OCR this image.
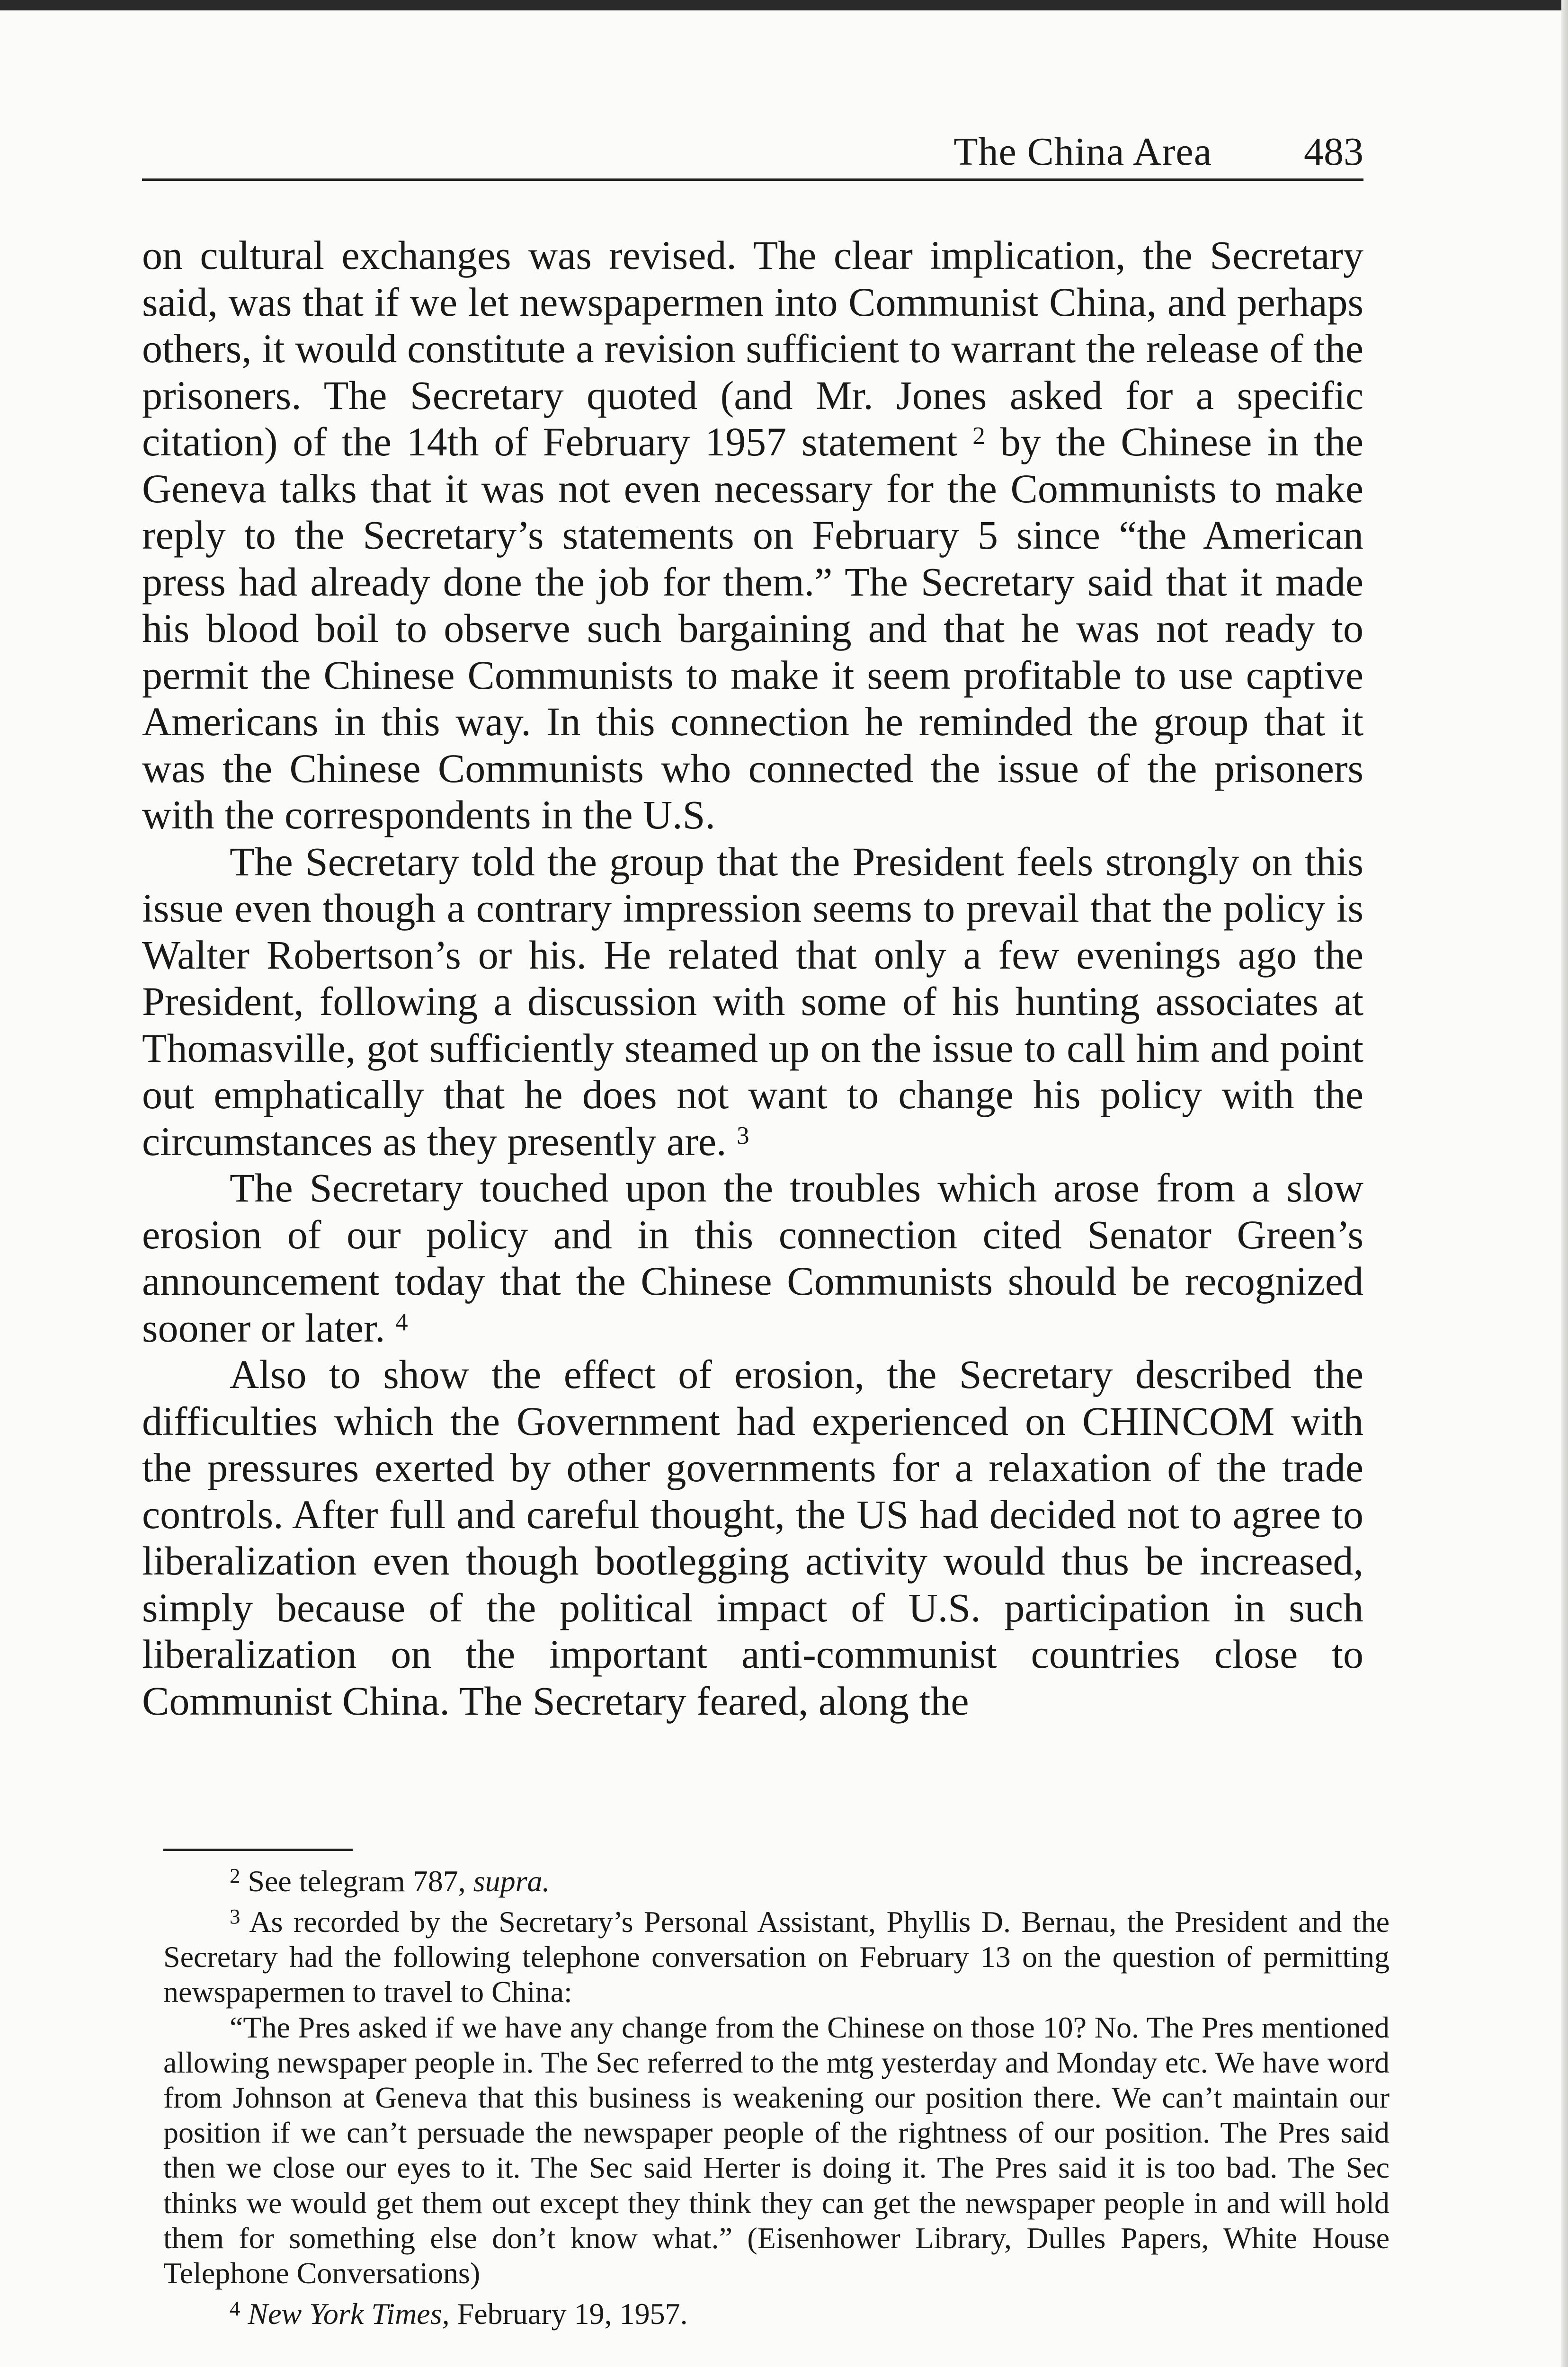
The China Area 483

on cultural exchanges was revised. The clear implication, the Secretary said, was that if we let newspapermen into Communist China, and perhaps others, it would constitute a revision sufficient to warrant the release of the prisoners. The Secretary quoted (and Mr. Jones asked for a specific citation) of the 14th of February 1957 statement $^2$ by the Chinese in the Geneva talks that it was not even necessary for the Communists to make reply to the Secretary’s statements on February 5 since “the American press had already done the job for them.” The Secretary said that it made his blood boil to observe such bargaining and that he was not ready to permit the Chinese Communists to make it seem profitable to use captive Americans in this way. In this connection he reminded the group that it was the Chinese Communists who connected the issue of the prisoners with the correspondents in the U.S.

The Secretary told the group that the President feels strongly on this issue even though a contrary impression seems to prevail that the policy is Walter Robertson’s or his. He related that only a few evenings ago the President, following a discussion with some of his hunting associates at Thomasville, got sufficiently steamed up on the issue to call him and point out emphatically that he does not want to change his policy with the circumstances as they presently are. $^3$

The Secretary touched upon the troubles which arose from a slow erosion of our policy and in this connection cited Senator Green’s announcement today that the Chinese Communists should be recognized sooner or later. $^4$

Also to show the effect of erosion, the Secretary described the difficulties which the Government had experienced on CHINCOM with the pressures exerted by other governments for a relaxation of the trade controls. After full and careful thought, the US had decided not to agree to liberalization even though bootlegging activity would thus be increased, simply because of the political impact of U.S. participation in such liberalization on the important anti-communist countries close to Communist China. The Secretary feared, along the

$^2$ See telegram 787, supra.

$^3$ As recorded by the Secretary’s Personal Assistant, Phyllis D. Bernau, the President and the Secretary had the following telephone conversation on February 13 on the question of permitting newspapermen to travel to China:

“The Pres asked if we have any change from the Chinese on those 10? No. The Pres mentioned allowing newspaper people in. The Sec referred to the mtg yesterday and Monday etc. We have word from Johnson at Geneva that this business is weakening our position there. We can’t maintain our position if we can’t persuade the newspaper people of the rightness of our position. The Pres said then we close our eyes to it. The Sec said Herter is doing it. The Pres said it is too bad. The Sec thinks we would get them out except they think they can get the newspaper people in and will hold them for something else don’t know what.” (Eisenhower Library, Dulles Papers, White House Telephone Conversations)

$^4$ New York Times, February 19, 1957.
